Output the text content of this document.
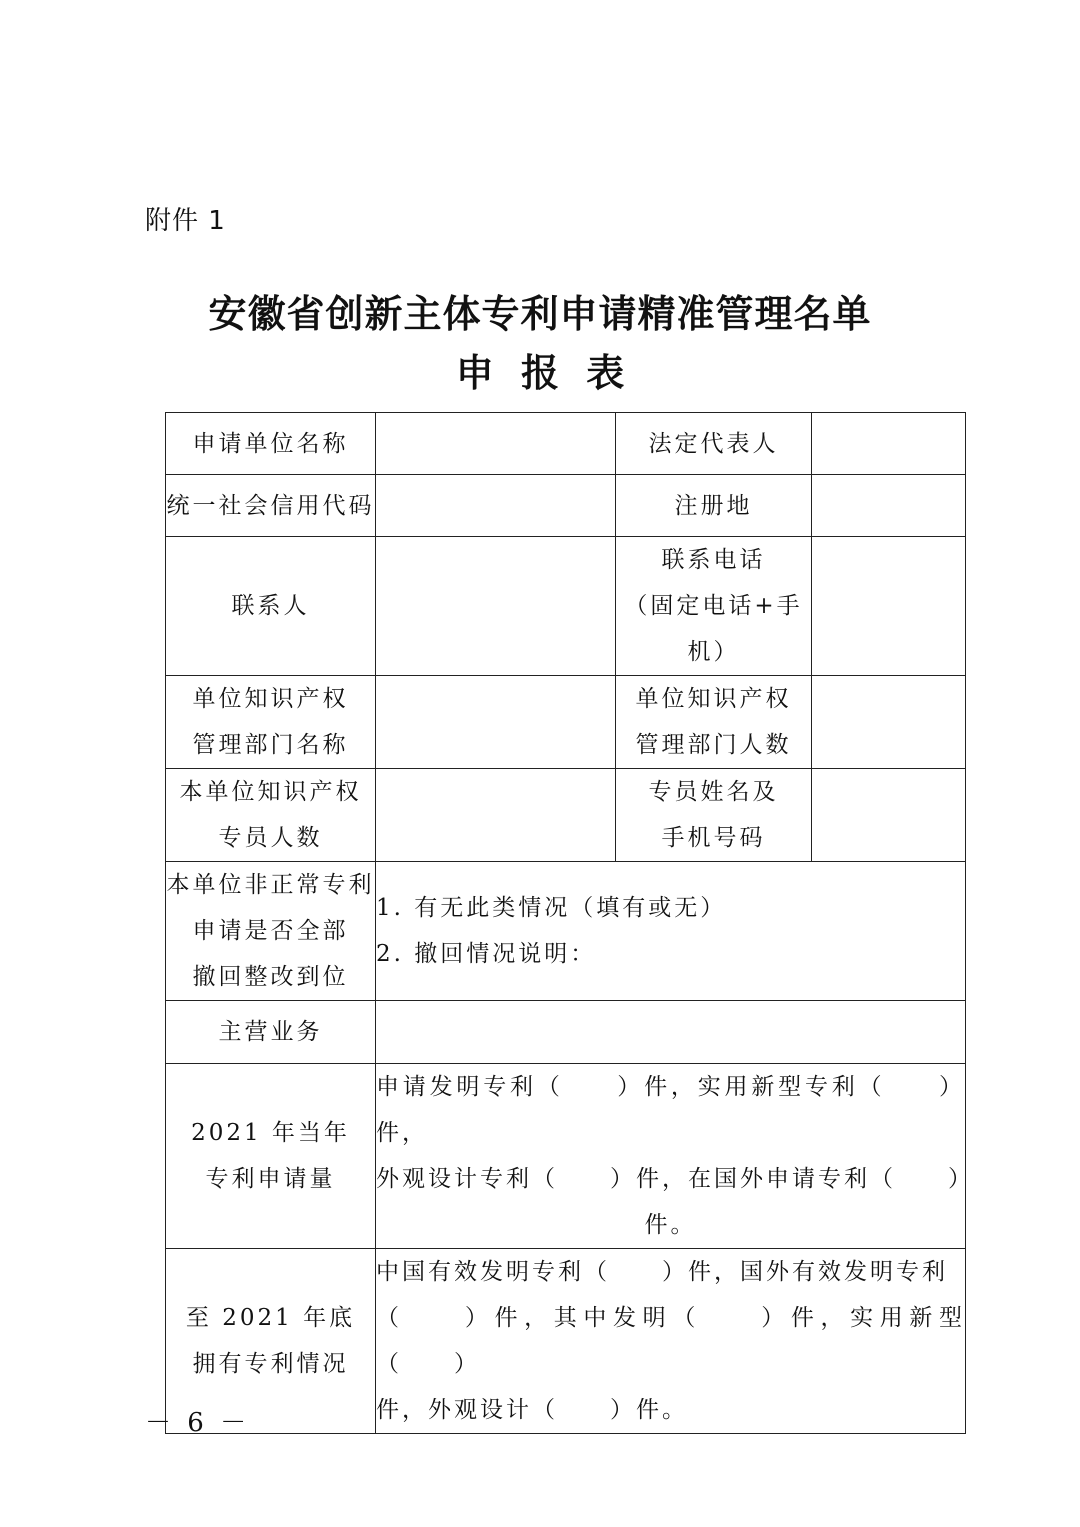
附件 1
安徽省创新主体专利申请精准管理名单
申 报 表
申请单位名称		法定代表人	
统一社会信用代码		注册地	
联系人		联系电话
（固定电话+手机）	

单位知识产权
管理部门名称		单位知识产权
管理部门人数	

本单位知识产权
专员人数		专员姓名及
手机号码	

本单位非正常专利
申请是否全部
撤回整改到位	1. 有无此类情况（填有或无）
2. 撤回情况说明：		

主营业务			

2021 年当年
专利申请量	申请发明专利（　　）件，实用新型专利（　　）件，
外观设计专利（　　）件，在国外申请专利（　　）
件。		

至 2021 年底
拥有专利情况	中国有效发明专利（　　）件，国外有效发明专利
（　　）件，其中发明（　　）件，实用新型（　　）
件，外观设计（　　）件。		
－ 6 －
